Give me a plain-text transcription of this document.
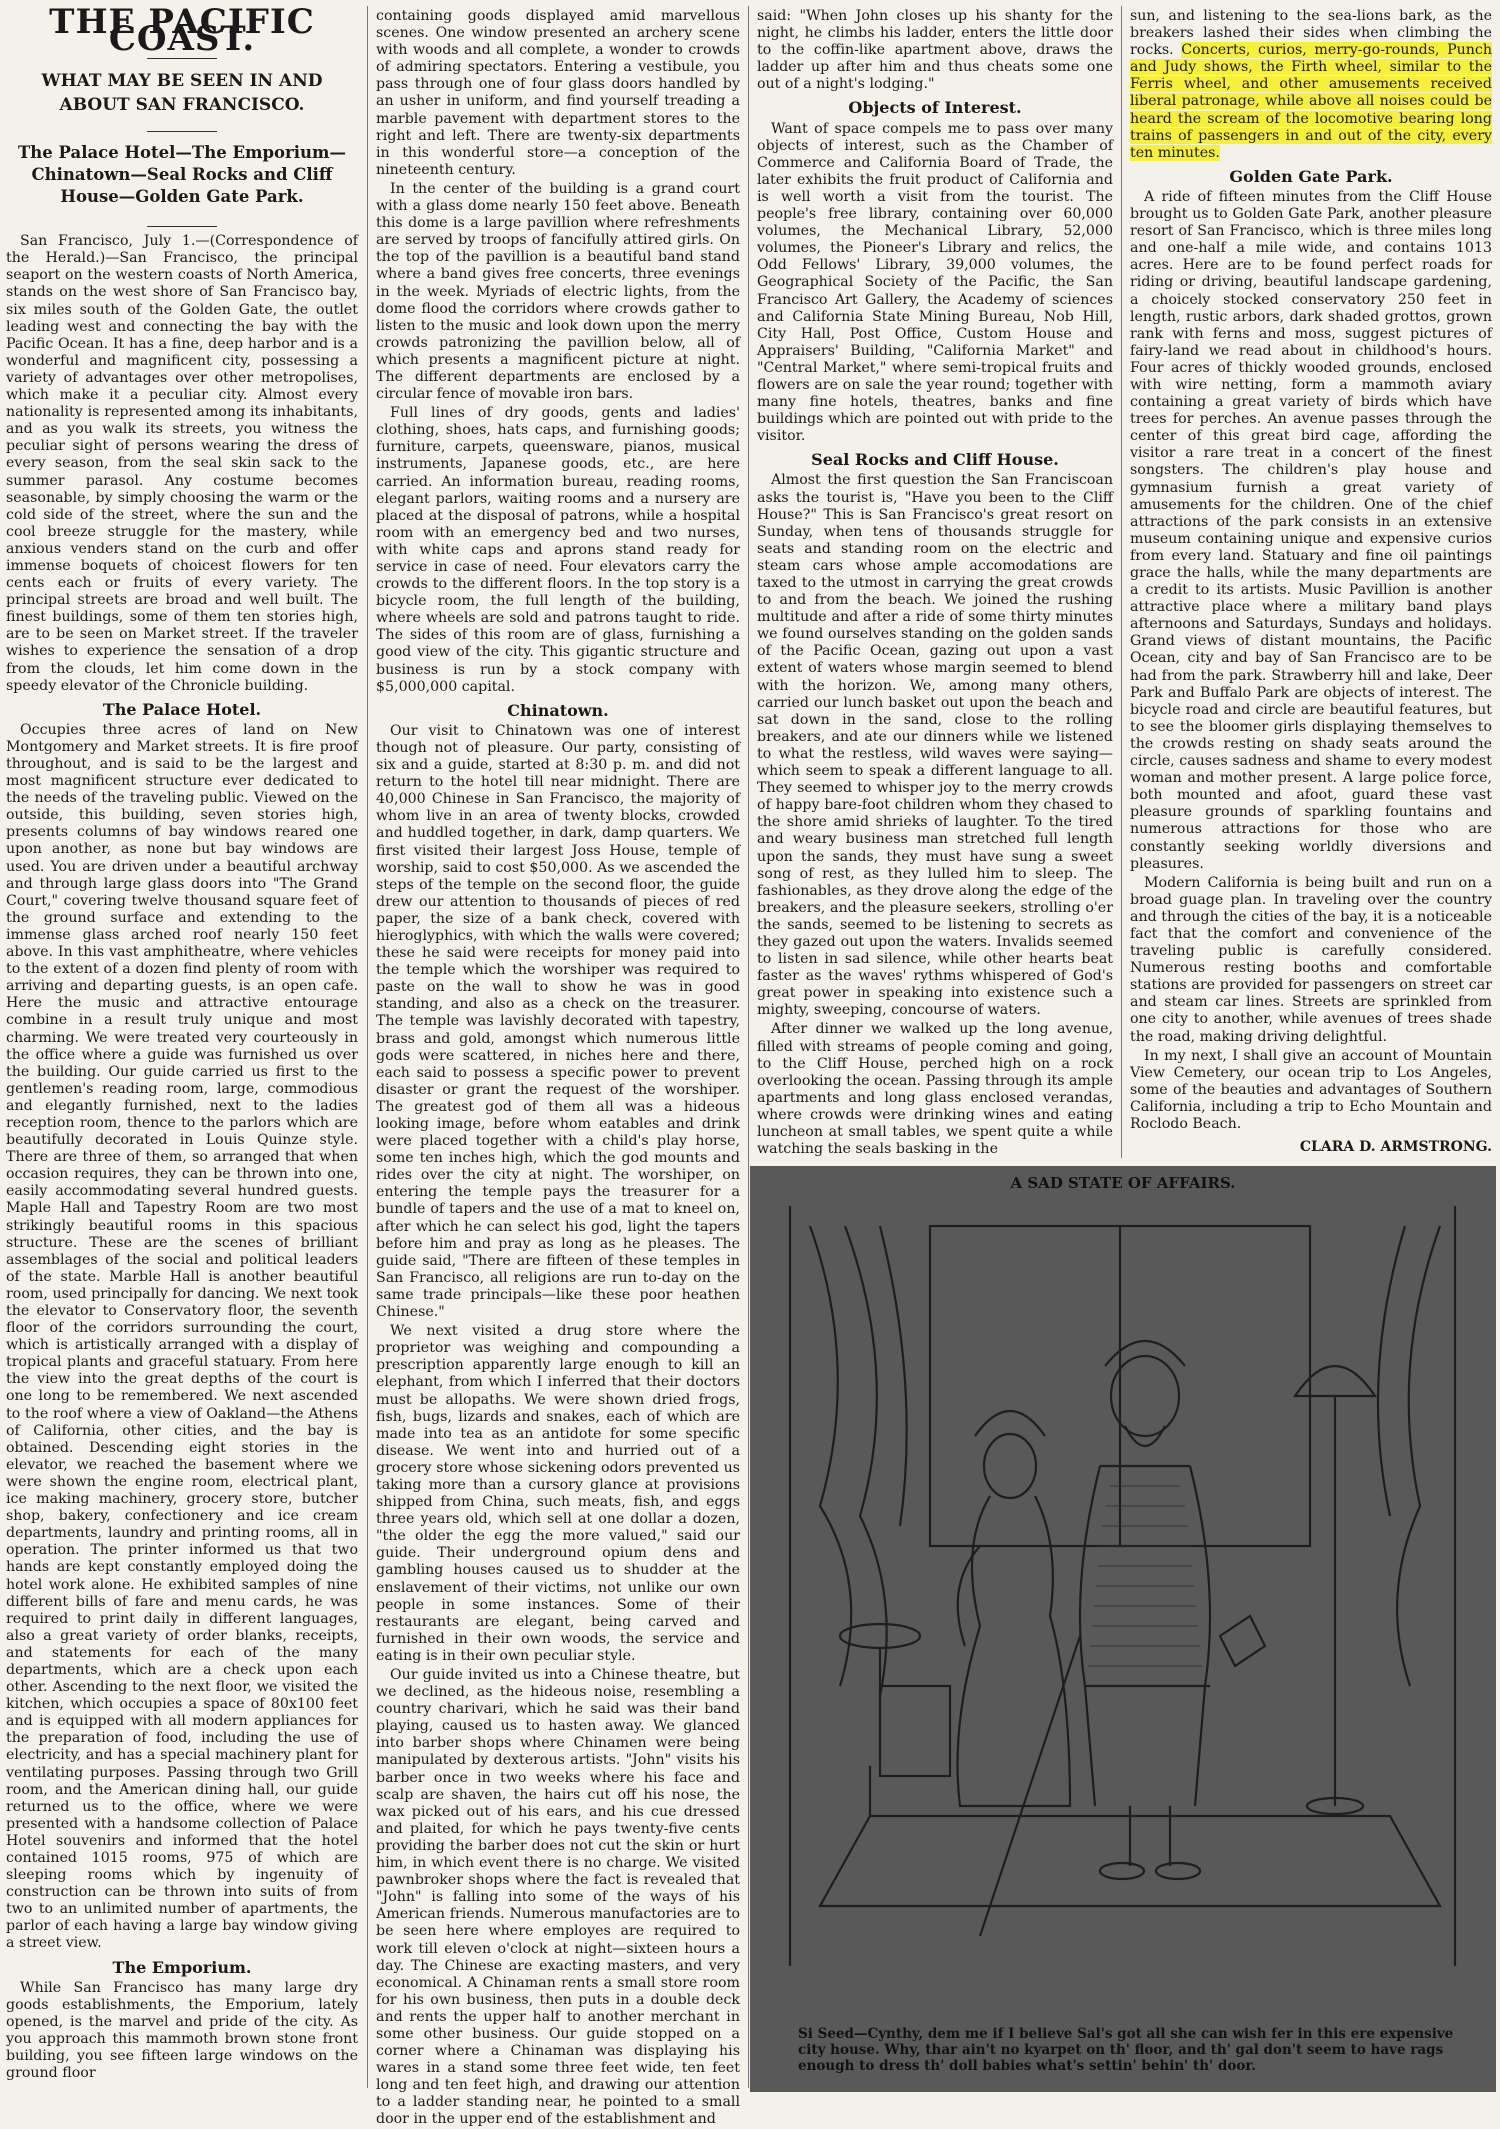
THE PACIFIC COAST.
WHAT MAY BE SEEN IN AND ABOUT SAN FRANCISCO.
The Palace Hotel—The Emporium—Chinatown—Seal Rocks and Cliff House—Golden Gate Park.

San Francisco, July 1.—(Correspondence of the Herald.)—San Francisco, the principal seaport on the western coasts of North America, stands on the west shore of San Francisco bay, six miles south of the Golden Gate, the outlet leading west and connecting the bay with the Pacific Ocean. It has a fine, deep harbor and is a wonderful and magnificent city, possessing a variety of advantages over other metropolises, which make it a peculiar city. Almost every nationality is represented among its inhabitants, and as you walk its streets, you witness the peculiar sight of persons wearing the dress of every season, from the seal skin sack to the summer parasol. Any costume becomes seasonable, by simply choosing the warm or the cold side of the street, where the sun and the cool breeze struggle for the mastery, while anxious venders stand on the curb and offer immense boquets of choicest flowers for ten cents each or fruits of every variety. The principal streets are broad and well built. The finest buildings, some of them ten stories high, are to be seen on Market street. If the traveler wishes to experience the sensation of a drop from the clouds, let him come down in the speedy elevator of the Chronicle building.

The Palace Hotel.

Occupies three acres of land on New Montgomery and Market streets. It is fire proof throughout, and is said to be the largest and most magnificent structure ever dedicated to the needs of the traveling public. Viewed on the outside, this building, seven stories high, presents columns of bay windows reared one upon another, as none but bay windows are used. You are driven under a beautiful archway and through large glass doors into "The Grand Court," covering twelve thousand square feet of the ground surface and extending to the immense glass arched roof nearly 150 feet above. In this vast amphitheatre, where vehicles to the extent of a dozen find plenty of room with arriving and departing guests, is an open cafe. Here the music and attractive entourage combine in a result truly unique and most charming. We were treated very courteously in the office where a guide was furnished us over the building. Our guide carried us first to the gentlemen's reading room, large, commodious and elegantly furnished, next to the ladies reception room, thence to the parlors which are beautifully decorated in Louis Quinze style. There are three of them, so arranged that when occasion requires, they can be thrown into one, easily accommodating several hundred guests. Maple Hall and Tapestry Room are two most strikingly beautiful rooms in this spacious structure. These are the scenes of brilliant assemblages of the social and political leaders of the state. Marble Hall is another beautiful room, used principally for dancing. We next took the elevator to Conservatory floor, the seventh floor of the corridors surrounding the court, which is artistically arranged with a display of tropical plants and graceful statuary. From here the view into the great depths of the court is one long to be remembered. We next ascended to the roof where a view of Oakland—the Athens of California, other cities, and the bay is obtained. Descending eight stories in the elevator, we reached the basement where we were shown the engine room, electrical plant, ice making machinery, grocery store, butcher shop, bakery, confectionery and ice cream departments, laundry and printing rooms, all in operation. The printer informed us that two hands are kept constantly employed doing the hotel work alone. He exhibited samples of nine different bills of fare and menu cards, he was required to print daily in different languages, also a great variety of order blanks, receipts, and statements for each of the many departments, which are a check upon each other. Ascending to the next floor, we visited the kitchen, which occupies a space of 80x100 feet and is equipped with all modern appliances for the preparation of food, including the use of electricity, and has a special machinery plant for ventilating purposes. Passing through two Grill room, and the American dining hall, our guide returned us to the office, where we were presented with a handsome collection of Palace Hotel souvenirs and informed that the hotel contained 1015 rooms, 975 of which are sleeping rooms which by ingenuity of construction can be thrown into suits of from two to an unlimited number of apartments, the parlor of each having a large bay window giving a street view.

The Emporium.

While San Francisco has many large dry goods establishments, the Emporium, lately opened, is the marvel and pride of the city. As you approach this mammoth brown stone front building, you see fifteen large windows on the ground floor

containing goods displayed amid marvellous scenes. One window presented an archery scene with woods and all complete, a wonder to crowds of admiring spectators. Entering a vestibule, you pass through one of four glass doors handled by an usher in uniform, and find yourself treading a marble pavement with department stores to the right and left. There are twenty-six departments in this wonderful store—a conception of the nineteenth century.

In the center of the building is a grand court with a glass dome nearly 150 feet above. Beneath this dome is a large pavillion where refreshments are served by troops of fancifully attired girls. On the top of the pavillion is a beautiful band stand where a band gives free concerts, three evenings in the week. Myriads of electric lights, from the dome flood the corridors where crowds gather to listen to the music and look down upon the merry crowds patronizing the pavillion below, all of which presents a magnificent picture at night. The different departments are enclosed by a circular fence of movable iron bars.

Full lines of dry goods, gents and ladies' clothing, shoes, hats caps, and furnishing goods; furniture, carpets, queensware, pianos, musical instruments, Japanese goods, etc., are here carried. An information bureau, reading rooms, elegant parlors, waiting rooms and a nursery are placed at the disposal of patrons, while a hospital room with an emergency bed and two nurses, with white caps and aprons stand ready for service in case of need. Four elevators carry the crowds to the different floors. In the top story is a bicycle room, the full length of the building, where wheels are sold and patrons taught to ride. The sides of this room are of glass, furnishing a good view of the city. This gigantic structure and business is run by a stock company with $5,000,000 capital.

Chinatown.

Our visit to Chinatown was one of interest though not of pleasure. Our party, consisting of six and a guide, started at 8:30 p. m. and did not return to the hotel till near midnight. There are 40,000 Chinese in San Francisco, the majority of whom live in an area of twenty blocks, crowded and huddled together, in dark, damp quarters. We first visited their largest Joss House, temple of worship, said to cost $50,000. As we ascended the steps of the temple on the second floor, the guide drew our attention to thousands of pieces of red paper, the size of a bank check, covered with hieroglyphics, with which the walls were covered; these he said were receipts for money paid into the temple which the worshiper was required to paste on the wall to show he was in good standing, and also as a check on the treasurer. The temple was lavishly decorated with tapestry, brass and gold, amongst which numerous little gods were scattered, in niches here and there, each said to possess a specific power to prevent disaster or grant the request of the worshiper. The greatest god of them all was a hideous looking image, before whom eatables and drink were placed together with a child's play horse, some ten inches high, which the god mounts and rides over the city at night. The worshiper, on entering the temple pays the treasurer for a bundle of tapers and the use of a mat to kneel on, after which he can select his god, light the tapers before him and pray as long as he pleases. The guide said, "There are fifteen of these temples in San Francisco, all religions are run to-day on the same trade principals—like these poor heathen Chinese."

We next visited a drug store where the proprietor was weighing and compounding a prescription apparently large enough to kill an elephant, from which I inferred that their doctors must be allopaths. We were shown dried frogs, fish, bugs, lizards and snakes, each of which are made into tea as an antidote for some specific disease. We went into and hurried out of a grocery store whose sickening odors prevented us taking more than a cursory glance at provisions shipped from China, such meats, fish, and eggs three years old, which sell at one dollar a dozen, "the older the egg the more valued," said our guide. Their underground opium dens and gambling houses caused us to shudder at the enslavement of their victims, not unlike our own people in some instances. Some of their restaurants are elegant, being carved and furnished in their own woods, the service and eating is in their own peculiar style.

Our guide invited us into a Chinese theatre, but we declined, as the hideous noise, resembling a country charivari, which he said was their band playing, caused us to hasten away. We glanced into barber shops where Chinamen were being manipulated by dexterous artists. "John" visits his barber once in two weeks where his face and scalp are shaven, the hairs cut off his nose, the wax picked out of his ears, and his cue dressed and plaited, for which he pays twenty-five cents providing the barber does not cut the skin or hurt him, in which event there is no charge. We visited pawnbroker shops where the fact is revealed that "John" is falling into some of the ways of his American friends. Numerous manufactories are to be seen here where employes are required to work till eleven o'clock at night—sixteen hours a day. The Chinese are exacting masters, and very economical. A Chinaman rents a small store room for his own business, then puts in a double deck and rents the upper half to another merchant in some other business. Our guide stopped on a corner where a Chinaman was displaying his wares in a stand some three feet wide, ten feet long and ten feet high, and drawing our attention to a ladder standing near, he pointed to a small door in the upper end of the establishment and

said: "When John closes up his shanty for the night, he climbs his ladder, enters the little door to the coffin-like apartment above, draws the ladder up after him and thus cheats some one out of a night's lodging."

Objects of Interest.

Want of space compels me to pass over many objects of interest, such as the Chamber of Commerce and California Board of Trade, the later exhibits the fruit product of California and is well worth a visit from the tourist. The people's free library, containing over 60,000 volumes, the Mechanical Library, 52,000 volumes, the Pioneer's Library and relics, the Odd Fellows' Library, 39,000 volumes, the Geographical Society of the Pacific, the San Francisco Art Gallery, the Academy of sciences and California State Mining Bureau, Nob Hill, City Hall, Post Office, Custom House and Appraisers' Building, "California Market" and "Central Market," where semi-tropical fruits and flowers are on sale the year round; together with many fine hotels, theatres, banks and fine buildings which are pointed out with pride to the visitor.

Seal Rocks and Cliff House.

Almost the first question the San Franciscoan asks the tourist is, "Have you been to the Cliff House?" This is San Francisco's great resort on Sunday, when tens of thousands struggle for seats and standing room on the electric and steam cars whose ample accomodations are taxed to the utmost in carrying the great crowds to and from the beach. We joined the rushing multitude and after a ride of some thirty minutes we found ourselves standing on the golden sands of the Pacific Ocean, gazing out upon a vast extent of waters whose margin seemed to blend with the horizon. We, among many others, carried our lunch basket out upon the beach and sat down in the sand, close to the rolling breakers, and ate our dinners while we listened to what the restless, wild waves were saying—which seem to speak a different language to all. They seemed to whisper joy to the merry crowds of happy bare-foot children whom they chased to the shore amid shrieks of laughter. To the tired and weary business man stretched full length upon the sands, they must have sung a sweet song of rest, as they lulled him to sleep. The fashionables, as they drove along the edge of the breakers, and the pleasure seekers, strolling o'er the sands, seemed to be listening to secrets as they gazed out upon the waters. Invalids seemed to listen in sad silence, while other hearts beat faster as the waves' rythms whispered of God's great power in speaking into existence such a mighty, sweeping, concourse of waters.

After dinner we walked up the long avenue, filled with streams of people coming and going, to the Cliff House, perched high on a rock overlooking the ocean. Passing through its ample apartments and long glass enclosed verandas, where crowds were drinking wines and eating luncheon at small tables, we spent quite a while watching the seals basking in the

sun, and listening to the sea-lions bark, as the breakers lashed their sides when climbing the rocks. Concerts, curios, merry-go-rounds, Punch and Judy shows, the Firth wheel, similar to the Ferris wheel, and other amusements received liberal patronage, while above all noises could be heard the scream of the locomotive bearing long trains of passengers in and out of the city, every ten minutes.

Golden Gate Park.

A ride of fifteen minutes from the Cliff House brought us to Golden Gate Park, another pleasure resort of San Francisco, which is three miles long and one-half a mile wide, and contains 1013 acres. Here are to be found perfect roads for riding or driving, beautiful landscape gardening, a choicely stocked conservatory 250 feet in length, rustic arbors, dark shaded grottos, grown rank with ferns and moss, suggest pictures of fairy-land we read about in childhood's hours. Four acres of thickly wooded grounds, enclosed with wire netting, form a mammoth aviary containing a great variety of birds which have trees for perches. An avenue passes through the center of this great bird cage, affording the visitor a rare treat in a concert of the finest songsters. The children's play house and gymnasium furnish a great variety of amusements for the children. One of the chief attractions of the park consists in an extensive museum containing unique and expensive curios from every land. Statuary and fine oil paintings grace the halls, while the many departments are a credit to its artists. Music Pavillion is another attractive place where a military band plays afternoons and Saturdays, Sundays and holidays. Grand views of distant mountains, the Pacific Ocean, city and bay of San Francisco are to be had from the park. Strawberry hill and lake, Deer Park and Buffalo Park are objects of interest. The bicycle road and circle are beautiful features, but to see the bloomer girls displaying themselves to the crowds resting on shady seats around the circle, causes sadness and shame to every modest woman and mother present. A large police force, both mounted and afoot, guard these vast pleasure grounds of sparkling fountains and numerous attractions for those who are constantly seeking worldly diversions and pleasures.

Modern California is being built and run on a broad guage plan. In traveling over the country and through the cities of the bay, it is a noticeable fact that the comfort and convenience of the traveling public is carefully considered. Numerous resting booths and comfortable stations are provided for passengers on street car and steam car lines. Streets are sprinkled from one city to another, while avenues of trees shade the road, making driving delightful.

In my next, I shall give an account of Mountain View Cemetery, our ocean trip to Los Angeles, some of the beauties and advantages of Southern California, including a trip to Echo Mountain and Roclodo Beach.

CLARA D. ARMSTRONG.
A SAD STATE OF AFFAIRS.
Si Seed—Cynthy, dem me if I believe Sal's got all she can wish fer in this ere expensive city house. Why, thar ain't no kyarpet on th' floor, and th' gal don't seem to have rags enough to dress th' doll babies what's settin' behin' th' door.
